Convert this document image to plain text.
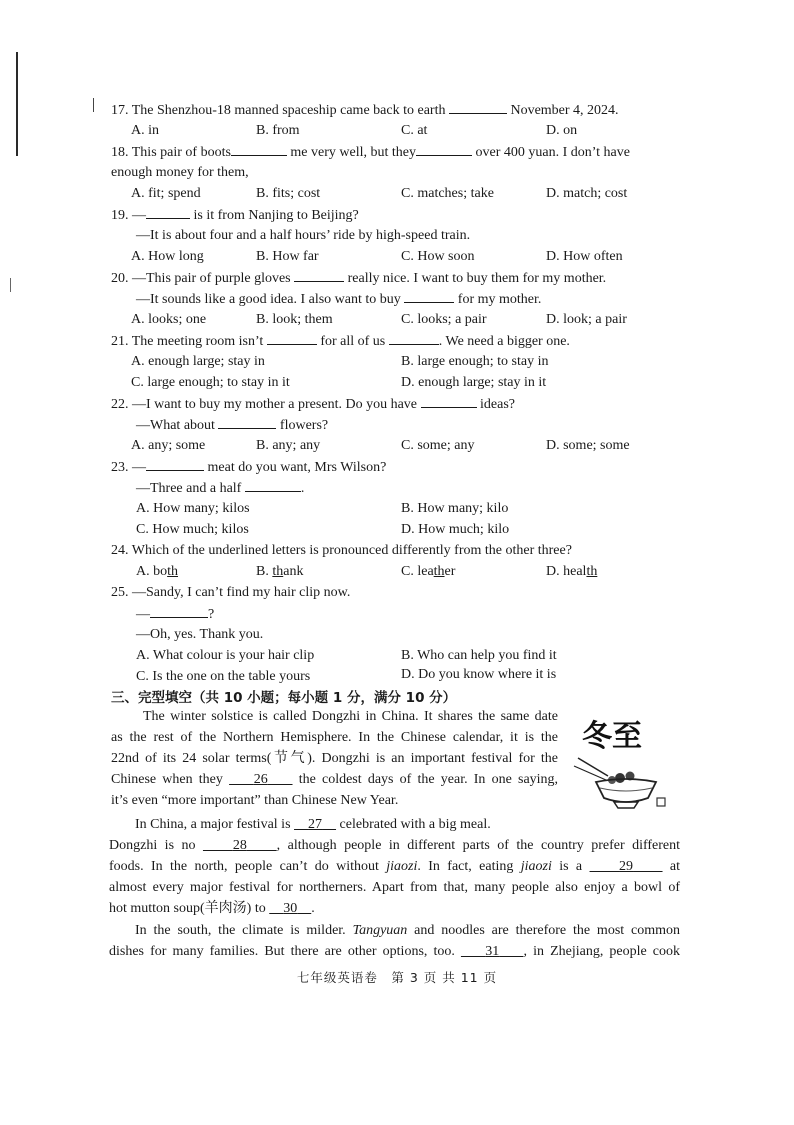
17. The Shenzhou-18 manned spaceship came back to earth	November 4, 2024.
A. in	B. from	C. at	D. on
18. This pair of boots	me very well, but they	over 400 yuan. I don’t have
enough money for them,
A. fit; spend	B. fits; cost	C. matches; take	D. match; cost
19. —	is it from Nanjing to Beijing?
—It is about four and a half hours’ ride by high-speed train.
A. How long	B. How far	C. How soon	D. How often
20. —This pair of purple gloves	really nice. I want to buy them for my mother.
—It sounds like a good idea. I also want to buy	for my mother.
A. looks; one	B. look; them	C. looks; a pair	D. look; a pair
21. The meeting room isn’t	for all of us	. We need a bigger one.
A. enough large; stay in	B. large enough; to stay in
C. large enough; to stay in it	D. enough large; stay in it
22. —I want to buy my mother a present. Do you have	ideas?
—What about	flowers?
A. any; some	B. any; any	C. some; any	D. some; some
23. —	meat do you want, Mrs Wilson?
—Three and a half	.
A. How many; kilos	B. How many; kilo
C. How much; kilos	D. How much; kilo
24. Which of the underlined letters is pronounced differently from the other three?
A. both	B. thank	C. leather	D. health
25. —Sandy, I can’t find my hair clip now.
—	?
—Oh, yes. Thank you.
A. What colour is your hair clip	B. Who can help you find it
C. Is the one on the table yours	D. Do you know where it is
三、完型填空（共 10 小题；每小题 1 分，满分 10 分）
The winter solstice is called Dongzhi in China. It shares the same date
as the rest of the Northern Hemisphere. In the Chinese calendar, it is the
22nd of its 24 solar terms(节气). Dongzhi is an important festival for the
Chinese when they 26 the coldest days of the year. In one saying,
it’s even “more important” than Chinese New Year.
冬至
In China, a major festival is 27 celebrated with a big meal.
Dongzhi is no	28 , although people in different parts of the country prefer different
foods. In the north, people can’t do without jiaozi. In fact, eating jiaozi is a	29	at
almost every major festival for northerners. Apart from that, many people also enjoy a bowl of
hot mutton soup(羊肉汤) to 30 .
In the south, the climate is milder. Tangyuan and noodles are therefore the most common
dishes for many families. But there are other options, too. 31 , in Zhejiang, people cook
七年级英语卷　第 3 页 共 11 页
